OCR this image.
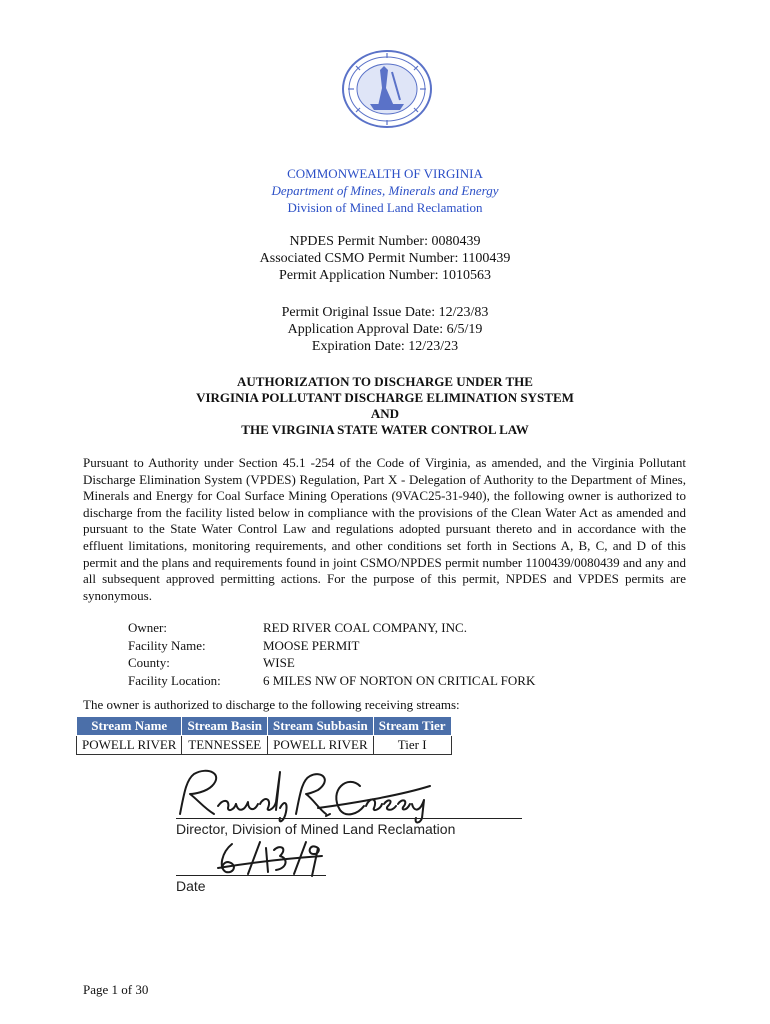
COMMONWEALTH OF VIRGINIA
Department of Mines, Minerals and Energy
Division of Mined Land Reclamation
NPDES Permit Number: 0080439
Associated CSMO Permit Number: 1100439
Permit Application Number: 1010563
Permit Original Issue Date: 12/23/83
Application Approval Date: 6/5/19
Expiration Date: 12/23/23
AUTHORIZATION TO DISCHARGE UNDER THE
VIRGINIA POLLUTANT DISCHARGE ELIMINATION SYSTEM
AND
THE VIRGINIA STATE WATER CONTROL LAW
Pursuant to Authority under Section 45.1 -254 of the Code of Virginia, as amended, and the Virginia Pollutant Discharge Elimination System (VPDES) Regulation, Part X - Delegation of Authority to the Department of Mines, Minerals and Energy for Coal Surface Mining Operations (9VAC25-31-940), the following owner is authorized to discharge from the facility listed below in compliance with the provisions of the Clean Water Act as amended and pursuant to the State Water Control Law and regulations adopted pursuant thereto and in accordance with the effluent limitations, monitoring requirements, and other conditions set forth in Sections A, B, C, and D of this permit and the plans and requirements found in joint CSMO/NPDES permit number 1100439/0080439 and any and all subsequent approved permitting actions. For the purpose of this permit, NPDES and VPDES permits are synonymous.
Owner:	RED RIVER COAL COMPANY, INC.
Facility Name:	MOOSE PERMIT
County:	WISE
Facility Location:	6 MILES NW OF NORTON ON CRITICAL FORK
The owner is authorized to discharge to the following receiving streams:
Stream Name	Stream Basin	Stream Subbasin	Stream Tier
POWELL RIVER	TENNESSEE	POWELL RIVER	Tier I
Director, Division of Mined Land Reclamation
Date
Page 1 of 30
